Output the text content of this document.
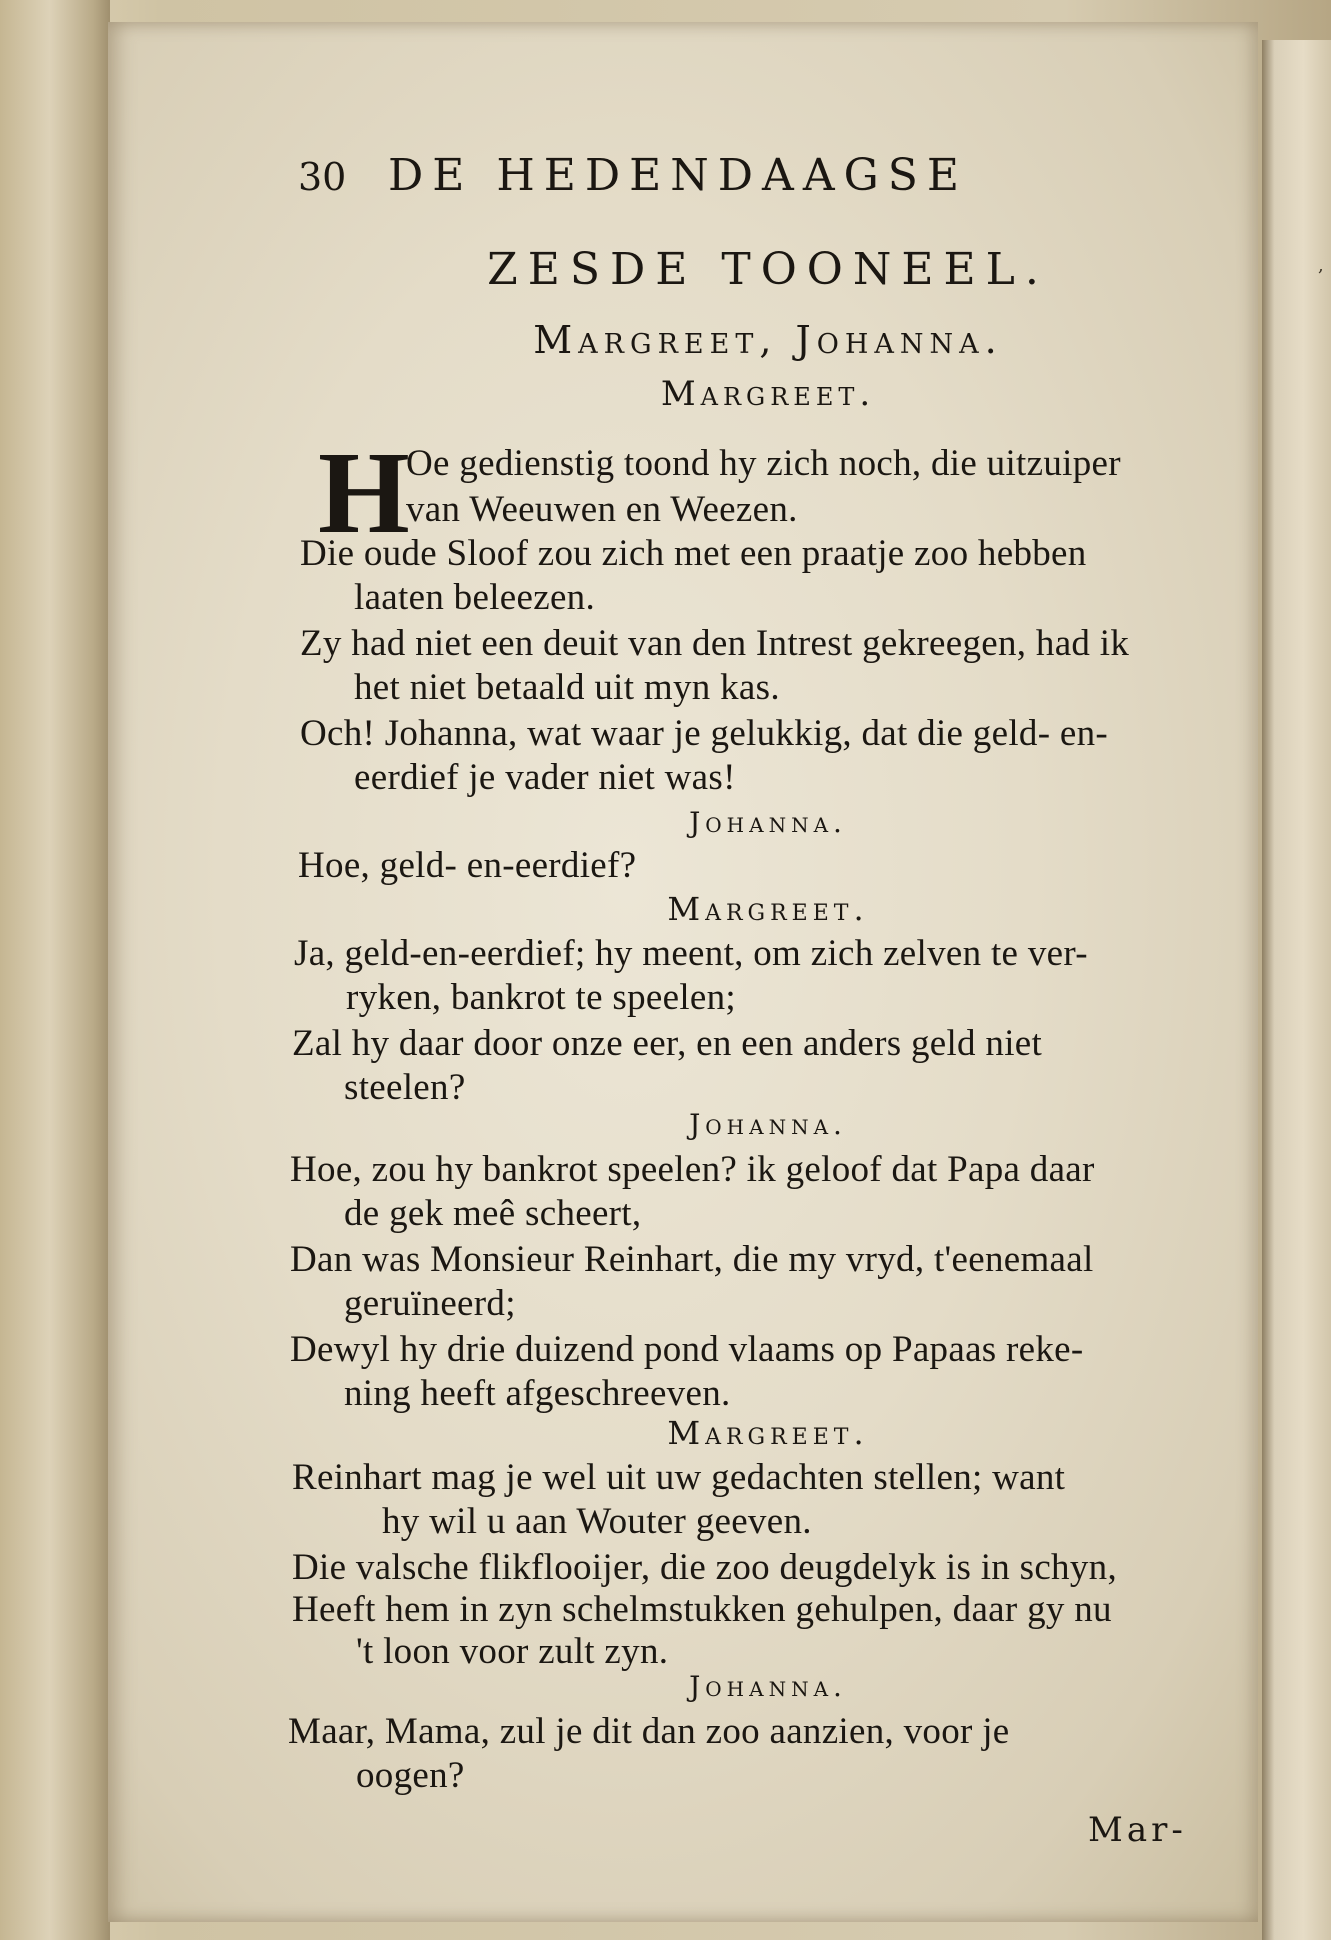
,
30 DE HEDENDAAGSE
ZESDE TOONEEL.
Margreet, Johanna.
Margreet.
H
Oe gedienstig toond hy zich noch, die uitzuiper
van Weeuwen en Weezen.
Die oude Sloof zou zich met een praatje zoo hebben
laaten beleezen.
Zy had niet een deuit van den Intrest gekreegen, had ik
het niet betaald uit myn kas.
Och! Johanna, wat waar je gelukkig, dat die geld- en-
eerdief je vader niet was!
Johanna.
Hoe, geld- en-eerdief?
Margreet.
Ja, geld-en-eerdief; hy meent, om zich zelven te ver-
ryken, bankrot te speelen;
Zal hy daar door onze eer, en een anders geld niet
steelen?
Johanna.
Hoe, zou hy bankrot speelen? ik geloof dat Papa daar
de gek meê scheert,
Dan was Monsieur Reinhart, die my vryd, t'eenemaal
geruïneerd;
Dewyl hy drie duizend pond vlaams op Papaas reke-
ning heeft afgeschreeven.
Margreet.
Reinhart mag je wel uit uw gedachten stellen; want
hy wil u aan Wouter geeven.
Die valsche flikflooijer, die zoo deugdelyk is in schyn,
Heeft hem in zyn schelmstukken gehulpen, daar gy nu
't loon voor zult zyn.
Johanna.
Maar, Mama, zul je dit dan zoo aanzien, voor je
oogen?
Mar-
